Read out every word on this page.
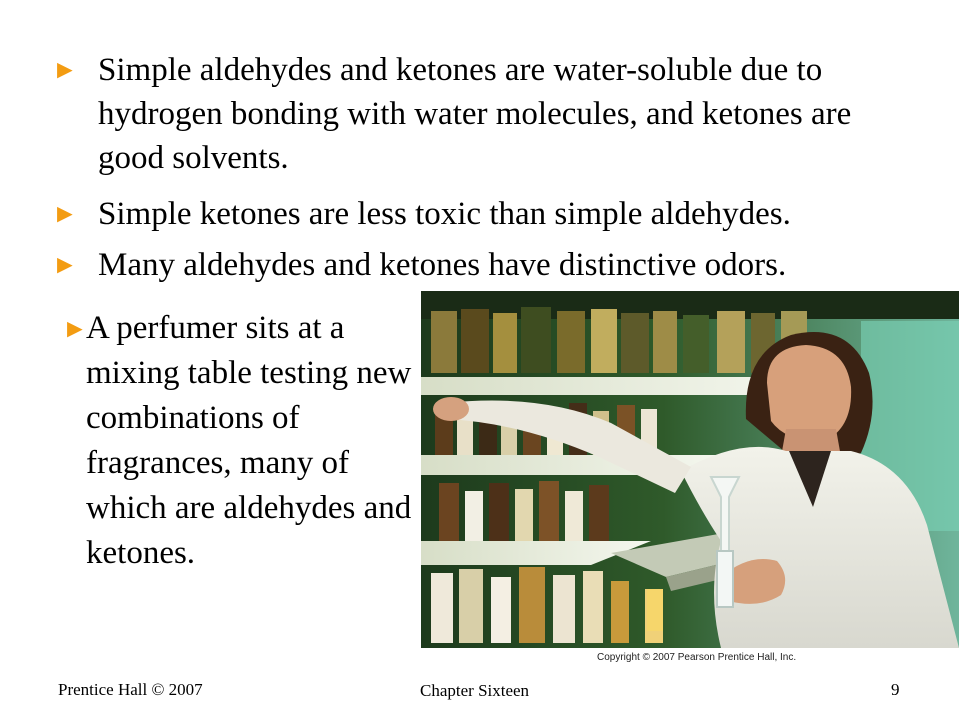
► Simple aldehydes and ketones are water-soluble due to hydrogen bonding with water molecules, and ketones are good solvents.
► Simple ketones are less toxic than simple aldehydes.
► Many aldehydes and ketones have distinctive odors.
►
A perfumer sits at a mixing table testing new combinations of fragrances, many of which are aldehydes and ketones.
Copyright © 2007 Pearson Prentice Hall, Inc.
Prentice Hall © 2007	Chapter Sixteen	9
